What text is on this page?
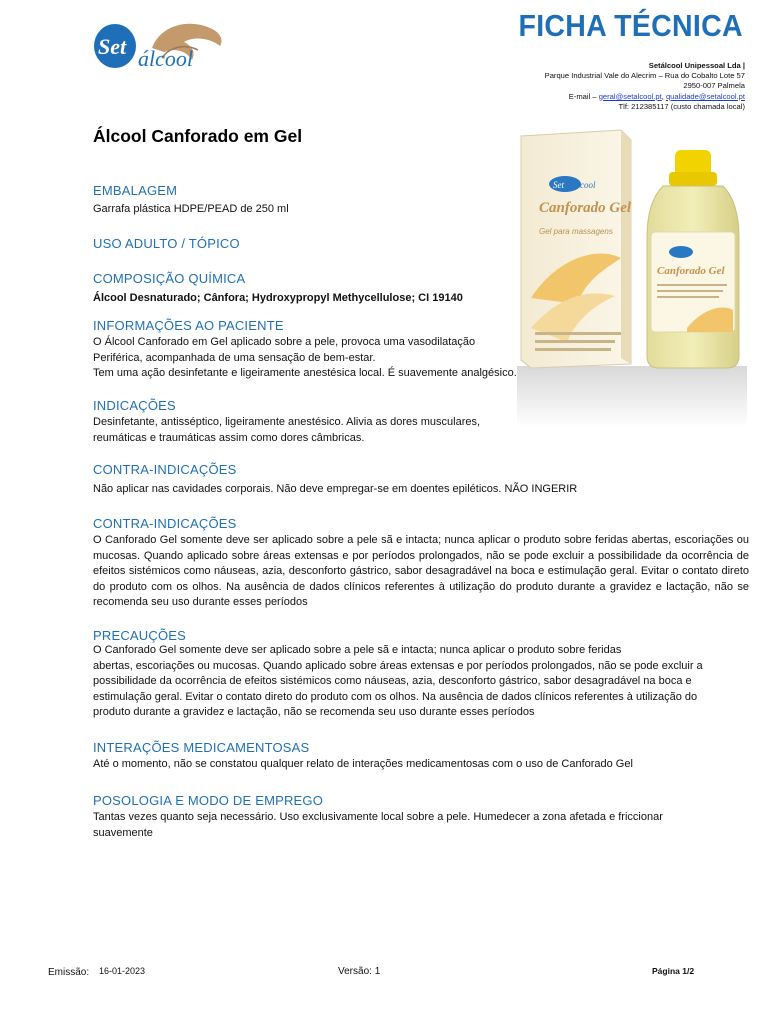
Set álcool
FICHA TÉCNICA
Setálcool Unipessoal Lda |
Parque Industrial Vale do Alecrim – Rua do Cobalto Lote 57
2950-007 Palmela
E-mail – geral@setalcool.pt, qualidade@setalcool.pt
Tlf: 212385117 (custo chamada local)
Álcool Canforado em Gel
Set álcool
Canforado Gel
Gel para massagens
Canforado Gel
EMBALAGEM
Garrafa plástica HDPE/PEAD de 250 ml
USO ADULTO / TÓPICO
COMPOSIÇÃO QUÍMICA
Álcool Desnaturado; Cânfora; Hydroxypropyl Methycellulose; CI 19140
INFORMAÇÕES AO PACIENTE
O Álcool Canforado em Gel aplicado sobre a pele, provoca uma vasodilatação
Periférica, acompanhada de uma sensação de bem-estar.
Tem uma ação desinfetante e ligeiramente anestésica local. É suavemente analgésico.
INDICAÇÕES
Desinfetante, antisséptico, ligeiramente anestésico. Alivia as dores musculares,
reumáticas e traumáticas assim como dores câmbricas.
CONTRA-INDICAÇÕES
Não aplicar nas cavidades corporais. Não deve empregar-se em doentes epiléticos. NÃO INGERIR
CONTRA-INDICAÇÕES
O Canforado Gel somente deve ser aplicado sobre a pele sã e intacta; nunca aplicar o produto sobre feridas abertas, escoriações ou mucosas. Quando aplicado sobre áreas extensas e por períodos prolongados, não se pode excluir a possibilidade da ocorrência de efeitos sistémicos como náuseas, azia, desconforto gástrico, sabor desagradável na boca e estimulação geral. Evitar o contato direto do produto com os olhos. Na ausência de dados clínicos referentes à utilização do produto durante a gravidez e lactação, não se recomenda seu uso durante esses períodos
PRECAUÇÕES
O Canforado Gel somente deve ser aplicado sobre a pele sã e intacta; nunca aplicar o produto sobre feridas
abertas, escoriações ou mucosas. Quando aplicado sobre áreas extensas e por períodos prolongados, não se pode excluir a
possibilidade da ocorrência de efeitos sistémicos como náuseas, azia, desconforto gástrico, sabor desagradável na boca e
estimulação geral. Evitar o contato direto do produto com os olhos. Na ausência de dados clínicos referentes à utilização do
produto durante a gravidez e lactação, não se recomenda seu uso durante esses períodos
INTERAÇÕES MEDICAMENTOSAS
Até o momento, não se constatou qualquer relato de interações medicamentosas com o uso de Canforado Gel
POSOLOGIA E MODO DE EMPREGO
Tantas vezes quanto seja necessário. Uso exclusivamente local sobre a pele. Humedecer a zona afetada e friccionar
suavemente
Emissão: 16-01-2023	Versão: 1	Página 1/2
